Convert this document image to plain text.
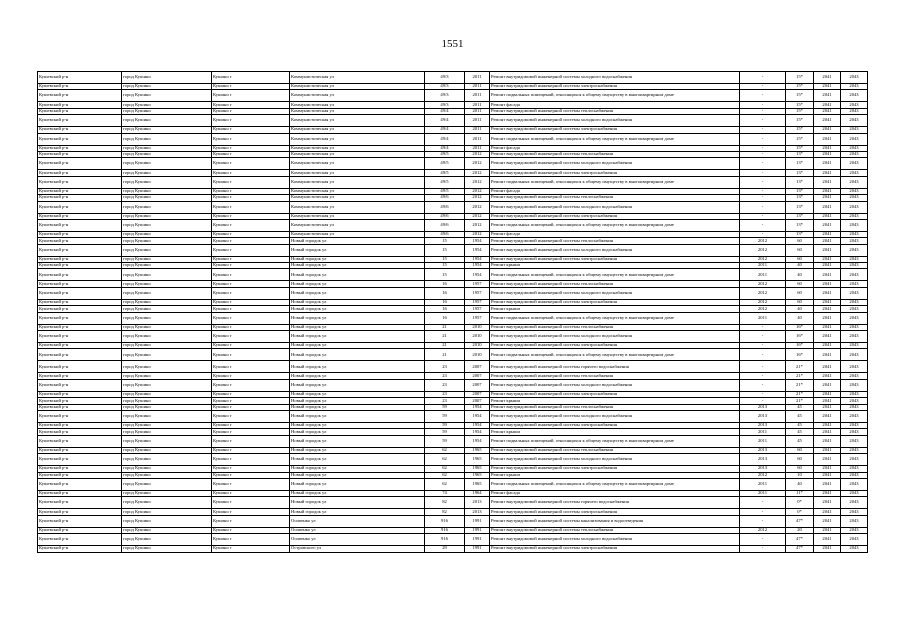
1551
Кушевский р-н	город Кушино	Кушино г	Коммунистическая ул	49/3	2011	Ремонт внутридомовой инженерной системы холодного водоснабжения	-	15*	2041	2043
Кушевский р-н	город Кушино	Кушино г	Коммунистическая ул	49/3	2011	Ремонт внутридомовой инженерной системы электроснабжения	-	15*	2041	2043
Кушевский р-н	город Кушино	Кушино г	Коммунистическая ул	49/3	2011	Ремонт подвальных помещений, относящихся к общему имуществу в многоквартирном доме	-	15*	2041	2043
Кушевский р-н	город Кушино	Кушино г	Коммунистическая ул	49/3	2011	Ремонт фасада	-	15*	2041	2043
Кушевский р-н	город Кушино	Кушино г	Коммунистическая ул	49/4	2011	Ремонт внутридомовой инженерной системы теплоснабжения	-	15*	2041	2043
Кушевский р-н	город Кушино	Кушино г	Коммунистическая ул	49/4	2011	Ремонт внутридомовой инженерной системы холодного водоснабжения	-	15*	2041	2043
Кушевский р-н	город Кушино	Кушино г	Коммунистическая ул	49/4	2011	Ремонт внутридомовой инженерной системы электроснабжения	-	15*	2041	2043
Кушевский р-н	город Кушино	Кушино г	Коммунистическая ул	49/4	2011	Ремонт подвальных помещений, относящихся к общему имуществу в многоквартирном доме	-	15*	2041	2043
Кушевский р-н	город Кушино	Кушино г	Коммунистическая ул	49/4	2011	Ремонт фасада	-	15*	2041	2043
Кушевский р-н	город Кушино	Кушино г	Коммунистическая ул	49/5	2012	Ремонт внутридомовой инженерной системы теплоснабжения	-	13*	2041	2043
Кушевский р-н	город Кушино	Кушино г	Коммунистическая ул	49/5	2012	Ремонт внутридомовой инженерной системы холодного водоснабжения	-	13*	2041	2043
Кушевский р-н	город Кушино	Кушино г	Коммунистическая ул	49/5	2012	Ремонт внутридомовой инженерной системы электроснабжения	-	13*	2041	2043
Кушевский р-н	город Кушино	Кушино г	Коммунистическая ул	49/5	2012	Ремонт подвальных помещений, относящихся к общему имуществу в многоквартирном доме	-	13*	2041	2043
Кушевский р-н	город Кушино	Кушино г	Коммунистическая ул	49/5	2012	Ремонт фасада	-	13*	2041	2043
Кушевский р-н	город Кушино	Кушино г	Коммунистическая ул	49/6	2012	Ремонт внутридомовой инженерной системы теплоснабжения	-	13*	2041	2043
Кушевский р-н	город Кушино	Кушино г	Коммунистическая ул	49/6	2012	Ремонт внутридомовой инженерной системы холодного водоснабжения	-	13*	2041	2043
Кушевский р-н	город Кушино	Кушино г	Коммунистическая ул	49/6	2012	Ремонт внутридомовой инженерной системы электроснабжения	-	13*	2041	2043
Кушевский р-н	город Кушино	Кушино г	Коммунистическая ул	49/6	2012	Ремонт подвальных помещений, относящихся к общему имуществу в многоквартирном доме	-	13*	2041	2043
Кушевский р-н	город Кушино	Кушино г	Коммунистическая ул	49/6	2012	Ремонт фасада	-	13*	2041	2043
Кушевский р-н	город Кушино	Кушино г	Новый городок ул	15	1954	Ремонт внутридомовой инженерной системы теплоснабжения	2012	60	2041	2043
Кушевский р-н	город Кушино	Кушино г	Новый городок ул	15	1954	Ремонт внутридомовой инженерной системы холодного водоснабжения	2012	60	2041	2043
Кушевский р-н	город Кушино	Кушино г	Новый городок ул	15	1954	Ремонт внутридомовой инженерной системы электроснабжения	2012	60	2041	2043
Кушевский р-н	город Кушино	Кушино г	Новый городок ул	15	1954	Ремонт крыши	2011	40	2041	2043
Кушевский р-н	город Кушино	Кушино г	Новый городок ул	15	1954	Ремонт подвальных помещений, относящихся к общему имуществу в многоквартирном доме	2011	40	2041	2043
Кушевский р-н	город Кушино	Кушино г	Новый городок ул	16	1957	Ремонт внутридомовой инженерной системы теплоснабжения	2012	60	2041	2043
Кушевский р-н	город Кушино	Кушино г	Новый городок ул	16	1957	Ремонт внутридомовой инженерной системы холодного водоснабжения	2012	60	2041	2043
Кушевский р-н	город Кушино	Кушино г	Новый городок ул	16	1957	Ремонт внутридомовой инженерной системы электроснабжения	2012	60	2041	2043
Кушевский р-н	город Кушино	Кушино г	Новый городок ул	16	1957	Ремонт крыши	2012	40	2041	2043
Кушевский р-н	город Кушино	Кушино г	Новый городок ул	16	1957	Ремонт подвальных помещений, относящихся к общему имуществу в многоквартирном доме	2011	40	2041	2043
Кушевский р-н	город Кушино	Кушино г	Новый городок ул	21	2010	Ремонт внутридомовой инженерной системы теплоснабжения	-	16*	2041	2043
Кушевский р-н	город Кушино	Кушино г	Новый городок ул	21	2010	Ремонт внутридомовой инженерной системы холодного водоснабжения	-	16*	2041	2043
Кушевский р-н	город Кушино	Кушино г	Новый городок ул	21	2010	Ремонт внутридомовой инженерной системы электроснабжения	-	16*	2041	2043
Кушевский р-н	город Кушино	Кушино г	Новый городок ул	21	2010	Ремонт подвальных помещений, относящихся к общему имуществу в многоквартирном доме	-	16*	2041	2043
Кушевский р-н	город Кушино	Кушино г	Новый городок ул	23	2007	Ремонт внутридомовой инженерной системы горячего водоснабжения	-	21*	2041	2043
Кушевский р-н	город Кушино	Кушино г	Новый городок ул	23	2007	Ремонт внутридомовой инженерной системы теплоснабжения	-	21*	2041	2043
Кушевский р-н	город Кушино	Кушино г	Новый городок ул	23	2007	Ремонт внутридомовой инженерной системы холодного водоснабжения	-	21*	2041	2043
Кушевский р-н	город Кушино	Кушино г	Новый городок ул	23	2007	Ремонт внутридомовой инженерной системы электроснабжения	-	21*	2041	2043
Кушевский р-н	город Кушино	Кушино г	Новый городок ул	23	2007	Ремонт крыши	-	21*	2041	2043
Кушевский р-н	город Кушино	Кушино г	Новый городок ул	59	1954	Ремонт внутридомовой инженерной системы теплоснабжения	2013	45	2041	2043
Кушевский р-н	город Кушино	Кушино г	Новый городок ул	59	1954	Ремонт внутридомовой инженерной системы холодного водоснабжения	2013	45	2041	2043
Кушевский р-н	город Кушино	Кушино г	Новый городок ул	59	1954	Ремонт внутридомовой инженерной системы электроснабжения	2013	45	2041	2043
Кушевский р-н	город Кушино	Кушино г	Новый городок ул	59	1954	Ремонт крыши	2011	45	2041	2043
Кушевский р-н	город Кушино	Кушино г	Новый городок ул	59	1954	Ремонт подвальных помещений, относящихся к общему имуществу в многоквартирном доме	2011	45	2041	2043
Кушевский р-н	город Кушино	Кушино г	Новый городок ул	62	1965	Ремонт внутридомовой инженерной системы теплоснабжения	2013	60	2041	2043
Кушевский р-н	город Кушино	Кушино г	Новый городок ул	62	1965	Ремонт внутридомовой инженерной системы холодного водоснабжения	2013	60	2041	2043
Кушевский р-н	город Кушино	Кушино г	Новый городок ул	62	1965	Ремонт внутридомовой инженерной системы электроснабжения	2013	60	2041	2043
Кушевский р-н	город Кушино	Кушино г	Новый городок ул	62	1965	Ремонт крыши	2012	10	2041	2043
Кушевский р-н	город Кушино	Кушино г	Новый городок ул	62	1965	Ремонт подвальных помещений, относящихся к общему имуществу в многоквартирном доме	2011	40	2041	2043
Кушевский р-н	город Кушино	Кушино г	Новый городок ул	74	1964	Ремонт фасада	2011	11*	2041	2043
Кушевский р-н	город Кушино	Кушино г	Новый городок ул	82	2013	Ремонт внутридомовой инженерной системы горячего водоснабжения	-	0*	2041	2043
Кушевский р-н	город Кушино	Кушино г	Новый городок ул	82	2013	Ремонт внутридомовой инженерной системы электроснабжения	-	0*	2041	2043
Кушевский р-н	город Кушино	Кушино г	Осипенко ул	916	1991	Ремонт внутридомовой инженерной системы канализования и водоотведения	-	47*	2041	2043
Кушевский р-н	город Кушино	Кушино г	Осипенко ул	916	1991	Ремонт внутридомовой инженерной системы теплоснабжения	2012	20	2041	2043
Кушевский р-н	город Кушино	Кушино г	Осипенко ул	916	1991	Ремонт внутридомовой инженерной системы холодного водоснабжения	-	47*	2041	2043
Кушевский р-н	город Кушино	Кушино г	Островского ул	29	1991	Ремонт внутридомовой инженерной системы электроснабжения	-	47*	2041	2043
